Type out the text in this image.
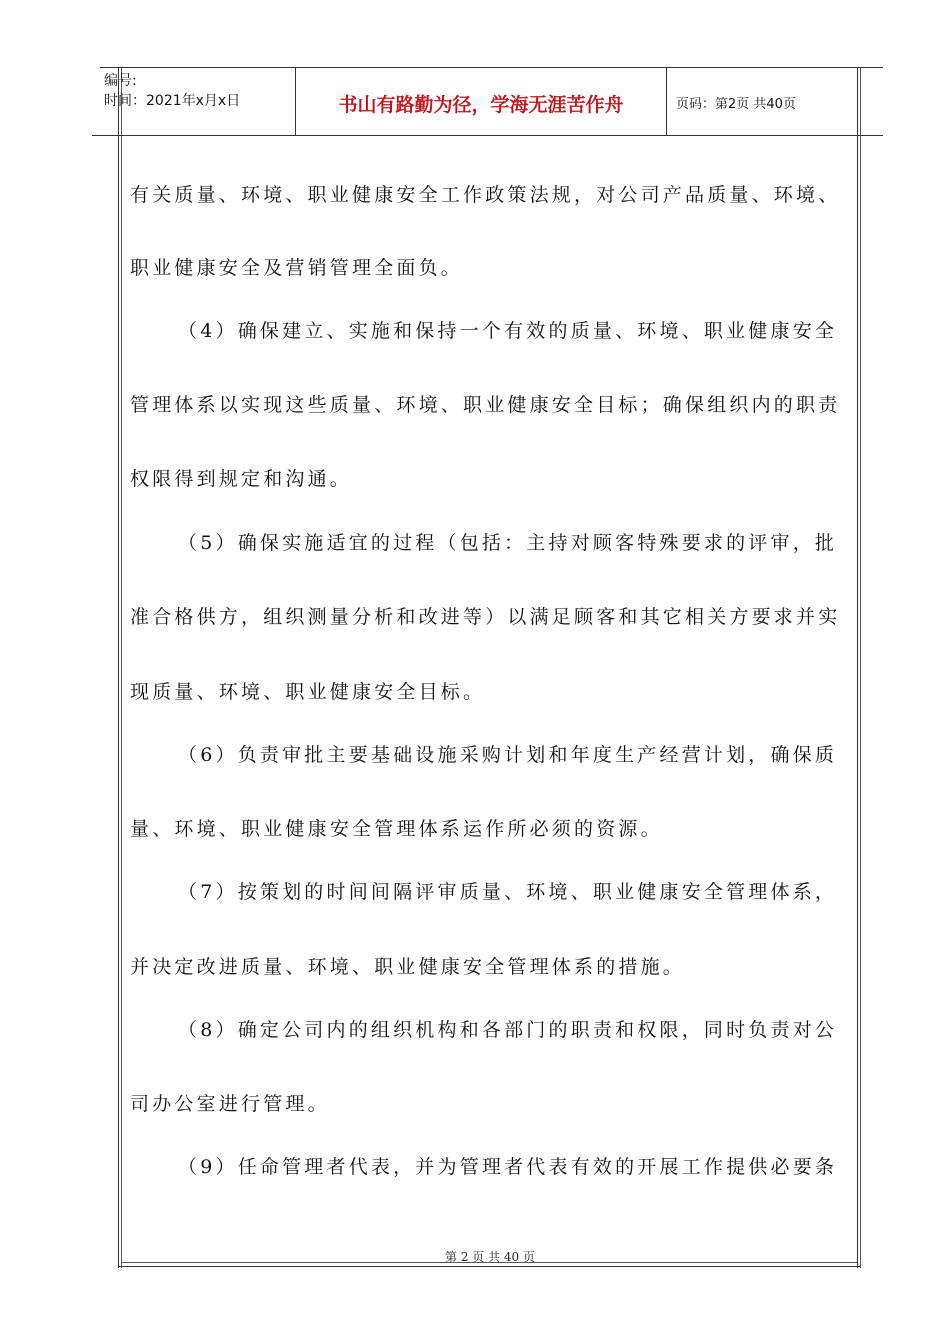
编号:
时间：2021年x月x日	书山有路勤为径，学海无涯苦作舟	页码：第2页 共40页
有关质量、环境、职业健康安全工作政策法规，对公司产品质量、环境、
职业健康安全及营销管理全面负。
（4）确保建立、实施和保持一个有效的质量、环境、职业健康安全
管理体系以实现这些质量、环境、职业健康安全目标；确保组织内的职责
权限得到规定和沟通。
（5）确保实施适宜的过程（包括：主持对顾客特殊要求的评审，批
准合格供方，组织测量分析和改进等）以满足顾客和其它相关方要求并实
现质量、环境、职业健康安全目标。
（6）负责审批主要基础设施采购计划和年度生产经营计划，确保质
量、环境、职业健康安全管理体系运作所必须的资源。
（7）按策划的时间间隔评审质量、环境、职业健康安全管理体系，
并决定改进质量、环境、职业健康安全管理体系的措施。
（8）确定公司内的组织机构和各部门的职责和权限，同时负责对公
司办公室进行管理。
（9）任命管理者代表，并为管理者代表有效的开展工作提供必要条
第 2 页 共 40 页
